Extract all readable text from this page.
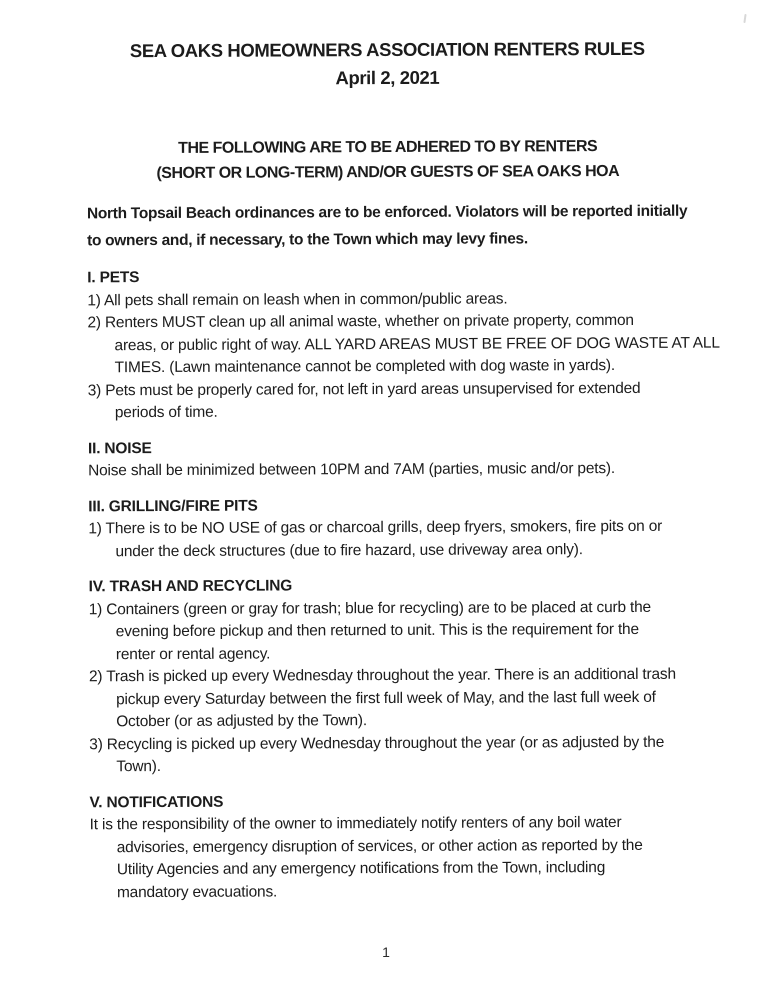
SEA OAKS HOMEOWNERS ASSOCIATION RENTERS RULES
April 2, 2021
THE FOLLOWING ARE TO BE ADHERED TO BY RENTERS
(SHORT OR LONG-TERM) AND/OR GUESTS OF SEA OAKS HOA
North Topsail Beach ordinances are to be enforced. Violators will be reported initially
to owners and, if necessary, to the Town which may levy fines.
I. PETS
1) All pets shall remain on leash when in common/public areas.
2) Renters MUST clean up all animal waste, whether on private property, common
areas, or public right of way. ALL YARD AREAS MUST BE FREE OF DOG WASTE AT ALL
TIMES. (Lawn maintenance cannot be completed with dog waste in yards).
3) Pets must be properly cared for, not left in yard areas unsupervised for extended
periods of time.
II. NOISE
Noise shall be minimized between 10PM and 7AM (parties, music and/or pets).
III. GRILLING/FIRE PITS
1) There is to be NO USE of gas or charcoal grills, deep fryers, smokers, fire pits on or
under the deck structures (due to fire hazard, use driveway area only).
IV. TRASH AND RECYCLING
1) Containers (green or gray for trash; blue for recycling) are to be placed at curb the
evening before pickup and then returned to unit. This is the requirement for the
renter or rental agency.
2) Trash is picked up every Wednesday throughout the year. There is an additional trash
pickup every Saturday between the first full week of May, and the last full week of
October (or as adjusted by the Town).
3) Recycling is picked up every Wednesday throughout the year (or as adjusted by the
Town).
V. NOTIFICATIONS
It is the responsibility of the owner to immediately notify renters of any boil water
advisories, emergency disruption of services, or other action as reported by the
Utility Agencies and any emergency notifications from the Town, including
mandatory evacuations.
1
